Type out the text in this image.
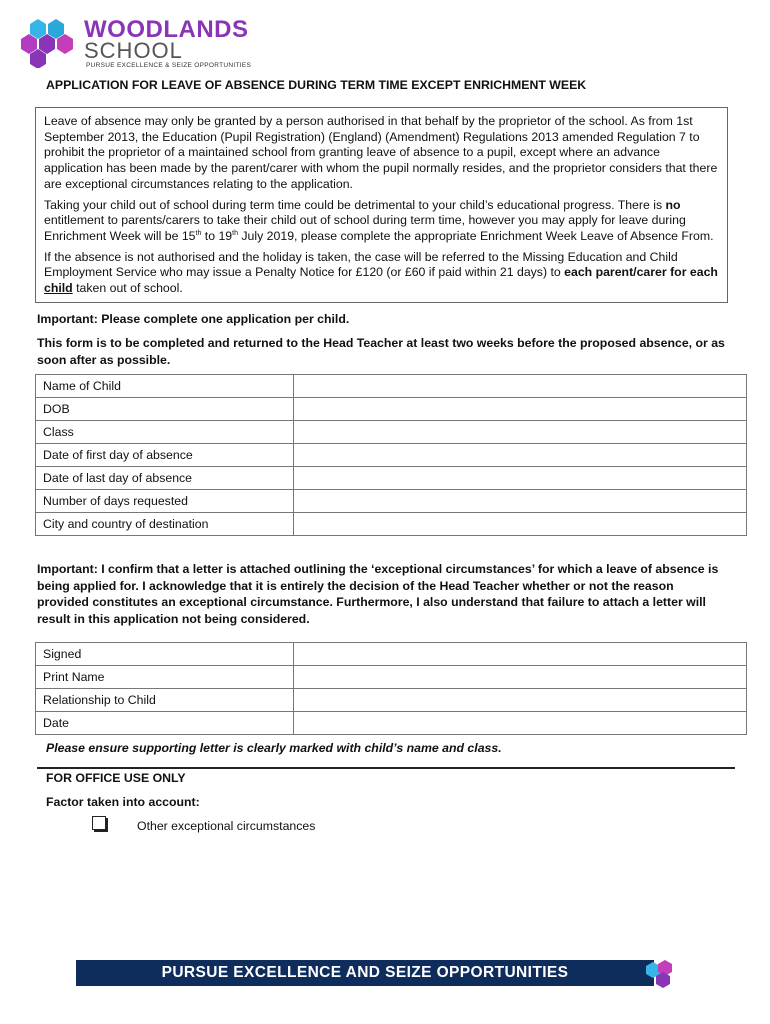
WOODLANDS
SCHOOL
PURSUE EXCELLENCE & SEIZE OPPORTUNITIES
APPLICATION FOR LEAVE OF ABSENCE DURING TERM TIME EXCEPT ENRICHMENT WEEK

Leave of absence may only be granted by a person authorised in that behalf by the proprietor of the school. As from 1st September 2013, the Education (Pupil Registration) (England) (Amendment) Regulations 2013 amended Regulation 7 to prohibit the proprietor of a maintained school from granting leave of absence to a pupil, except where an advance application has been made by the parent/carer with whom the pupil normally resides, and the proprietor considers that there are exceptional circumstances relating to the application.

Taking your child out of school during term time could be detrimental to your child’s educational progress. There is no entitlement to parents/carers to take their child out of school during term time, however you may apply for leave during Enrichment Week will be 15th to 19th July 2019, please complete the appropriate Enrichment Week Leave of Absence From.

If the absence is not authorised and the holiday is taken, the case will be referred to the Missing Education and Child Employment Service who may issue a Penalty Notice for £120 (or £60 if paid within 21 days) to each parent/carer for each child taken out of school.

Important: Please complete one application per child.
This form is to be completed and returned to the Head Teacher at least two weeks before the proposed absence, or as soon after as possible.
Name of Child	
DOB	
Class	
Date of first day of absence	
Date of last day of absence	
Number of days requested	
City and country of destination	
Important: I confirm that a letter is attached outlining the ‘exceptional circumstances’ for which a leave of absence is being applied for. I acknowledge that it is entirely the decision of the Head Teacher whether or not the reason provided constitutes an exceptional circumstance. Furthermore, I also understand that failure to attach a letter will result in this application not being considered.
Signed	
Print Name	
Relationship to Child	
Date	
Please ensure supporting letter is clearly marked with child’s name and class.
FOR OFFICE USE ONLY
Factor taken into account:
Other exceptional circumstances
PURSUE EXCELLENCE AND SEIZE OPPORTUNITIES
